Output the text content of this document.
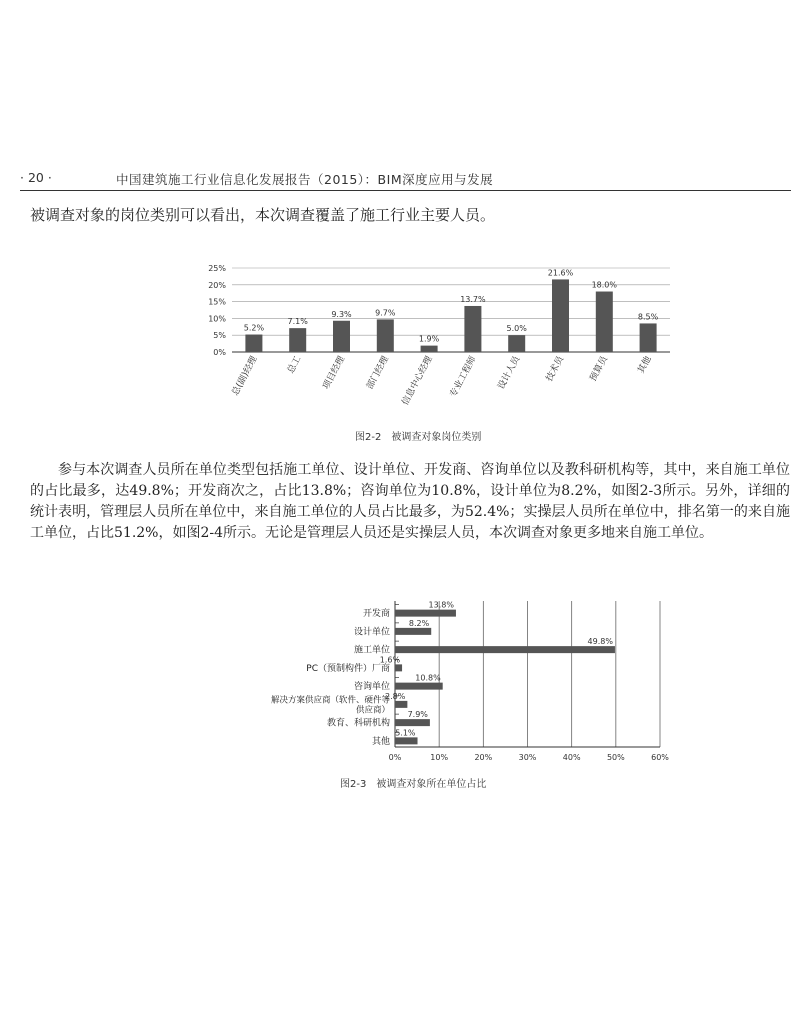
· 20 ·	中国建筑施工行业信息化发展报告（2015）：BIM深度应用与发展
被调查对象的岗位类别可以看出，本次调查覆盖了施工行业主要人员。
0%
5%
10%
15%
20%
25%
5.2%
总(副)经理
7.1%
总工
9.3%
项目经理
9.7%
部门经理
1.9%
信息中心经理
13.7%
专业工程师
5.0%
设计人员
21.6%
技术员
18.0%
预算员
8.5%
其他
图2-2　被调查对象岗位类别
参与本次调查人员所在单位类型包括施工单位、设计单位、开发商、咨询单位以及教科研机构等，其中，来自施工单位的占比最多，达49.8%；开发商次之，占比13.8%；咨询单位为10.8%，设计单位为8.2%，如图2-3所示。另外，详细的统计表明，管理层人员所在单位中，来自施工单位的人员占比最多，为52.4%；实操层人员所在单位中，排名第一的来自施工单位，占比51.2%，如图2-4所示。无论是管理层人员还是实操层人员，本次调查对象更多地来自施工单位。
0%	10%	20%	30%	40%	50%	60%
13.8%
开发商
8.2%
设计单位
49.8%
施工单位
1.6%
PC（预制构件）厂商
10.8%
咨询单位
2.8%
解决方案供应商（软件、硬件等供应商） 7.9%
教育、科研机构
5.1%
其他
图2-3　被调查对象所在单位占比
